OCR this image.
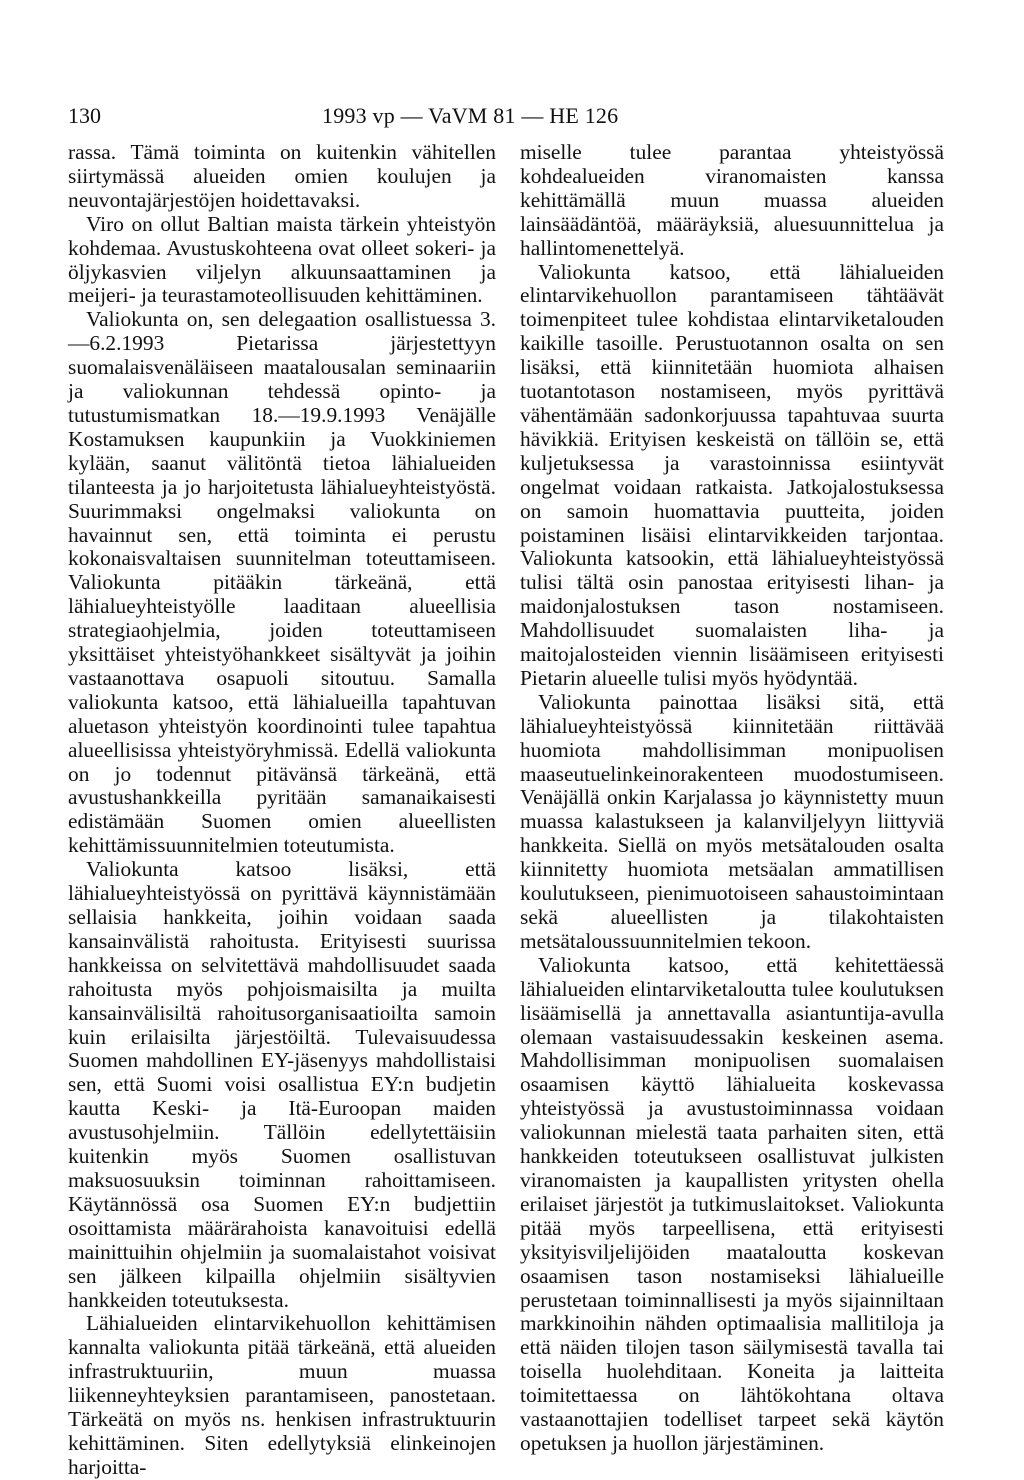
130	1993 vp — VaVM 81 — HE 126

rassa. Tämä toiminta on kuitenkin vähitellen siirtymässä alueiden omien koulujen ja neuvontajärjestöjen hoidettavaksi.

Viro on ollut Baltian maista tärkein yhteistyön kohdemaa. Avustuskohteena ovat olleet sokeri- ja öljykasvien viljelyn alkuunsaattaminen ja meijeri- ja teurastamoteollisuuden kehittäminen.

Valiokunta on, sen delegaation osallistuessa 3.—6.2.1993 Pietarissa järjestettyyn suomalaisvenäläiseen maatalousalan seminaariin ja valiokunnan tehdessä opinto- ja tutustumismatkan 18.—19.9.1993 Venäjälle Kostamuksen kaupunkiin ja Vuokkiniemen kylään, saanut välitöntä tietoa lähialueiden tilanteesta ja jo harjoitetusta lähialueyhteistyöstä. Suurimmaksi ongelmaksi valiokunta on havainnut sen, että toiminta ei perustu kokonaisvaltaisen suunnitelman toteuttamiseen. Valiokunta pitääkin tärkeänä, että lähialueyhteistyölle laaditaan alueellisia strategiaohjelmia, joiden toteuttamiseen yksittäiset yhteistyöhankkeet sisältyvät ja joihin vastaanottava osapuoli sitoutuu. Samalla valiokunta katsoo, että lähialueilla tapahtuvan aluetason yhteistyön koordinointi tulee tapahtua alueellisissa yhteistyöryhmissä. Edellä valiokunta on jo todennut pitävänsä tärkeänä, että avustushankkeilla pyritään samanaikaisesti edistämään Suomen omien alueellisten kehittämissuunnitelmien toteutumista.

Valiokunta katsoo lisäksi, että lähialueyhteistyössä on pyrittävä käynnistämään sellaisia hankkeita, joihin voidaan saada kansainvälistä rahoitusta. Erityisesti suurissa hankkeissa on selvitettävä mahdollisuudet saada rahoitusta myös pohjoismaisilta ja muilta kansainvälisiltä rahoitusorganisaatioilta samoin kuin erilaisilta järjestöiltä. Tulevaisuudessa Suomen mahdollinen EY-jäsenyys mahdollistaisi sen, että Suomi voisi osallistua EY:n budjetin kautta Keski- ja Itä-Euroopan maiden avustusohjelmiin. Tällöin edellytettäisiin kuitenkin myös Suomen osallistuvan maksuosuuksin toiminnan rahoittamiseen. Käytännössä osa Suomen EY:n budjettiin osoittamista määrärahoista kanavoituisi edellä mainittuihin ohjelmiin ja suomalaistahot voisivat sen jälkeen kilpailla ohjelmiin sisältyvien hankkeiden toteutuksesta.

Lähialueiden elintarvikehuollon kehittämisen kannalta valiokunta pitää tärkeänä, että alueiden infrastruktuuriin, muun muassa liikenneyhteyksien parantamiseen, panostetaan. Tärkeätä on myös ns. henkisen infrastruktuurin kehittäminen. Siten edellytyksiä elinkeinojen harjoitta-

miselle tulee parantaa yhteistyössä kohdealueiden viranomaisten kanssa kehittämällä muun muassa alueiden lainsäädäntöä, määräyksiä, aluesuunnittelua ja hallintomenettelyä.

Valiokunta katsoo, että lähialueiden elintarvikehuollon parantamiseen tähtäävät toimenpiteet tulee kohdistaa elintarviketalouden kaikille tasoille. Perustuotannon osalta on sen lisäksi, että kiinnitetään huomiota alhaisen tuotantotason nostamiseen, myös pyrittävä vähentämään sadonkorjuussa tapahtuvaa suurta hävikkiä. Erityisen keskeistä on tällöin se, että kuljetuksessa ja varastoinnissa esiintyvät ongelmat voidaan ratkaista. Jatkojalostuksessa on samoin huomattavia puutteita, joiden poistaminen lisäisi elintarvikkeiden tarjontaa. Valiokunta katsookin, että lähialueyhteistyössä tulisi tältä osin panostaa erityisesti lihan- ja maidonjalostuksen tason nostamiseen. Mahdollisuudet suomalaisten liha- ja maitojalosteiden viennin lisäämiseen erityisesti Pietarin alueelle tulisi myös hyödyntää.

Valiokunta painottaa lisäksi sitä, että lähialueyhteistyössä kiinnitetään riittävää huomiota mahdollisimman monipuolisen maaseutuelinkeinorakenteen muodostumiseen. Venäjällä onkin Karjalassa jo käynnistetty muun muassa kalastukseen ja kalanviljelyyn liittyviä hankkeita. Siellä on myös metsätalouden osalta kiinnitetty huomiota metsäalan ammatillisen koulutukseen, pienimuotoiseen sahaustoimintaan sekä alueellisten ja tilakohtaisten metsätaloussuunnitelmien tekoon.

Valiokunta katsoo, että kehitettäessä lähialueiden elintarviketaloutta tulee koulutuksen lisäämisellä ja annettavalla asiantuntija-avulla olemaan vastaisuudessakin keskeinen asema. Mahdollisimman monipuolisen suomalaisen osaamisen käyttö lähialueita koskevassa yhteistyössä ja avustustoiminnassa voidaan valiokunnan mielestä taata parhaiten siten, että hankkeiden toteutukseen osallistuvat julkisten viranomaisten ja kaupallisten yritysten ohella erilaiset järjestöt ja tutkimuslaitokset. Valiokunta pitää myös tarpeellisena, että erityisesti yksityisviljelijöiden maataloutta koskevan osaamisen tason nostamiseksi lähialueille perustetaan toiminnallisesti ja myös sijainniltaan markkinoihin nähden optimaalisia mallitiloja ja että näiden tilojen tason säilymisestä tavalla tai toisella huolehditaan. Koneita ja laitteita toimitettaessa on lähtökohtana oltava vastaanottajien todelliset tarpeet sekä käytön opetuksen ja huollon järjestäminen.
